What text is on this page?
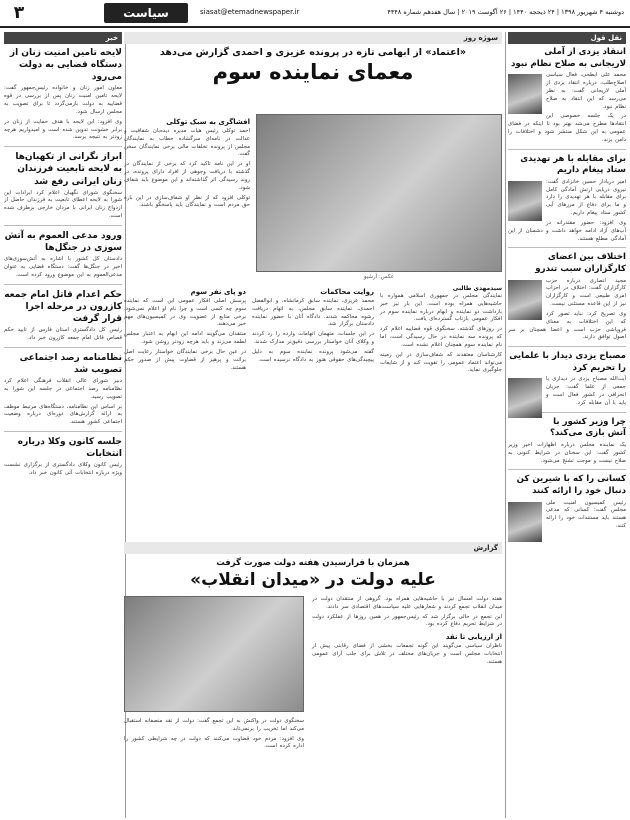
۳	سیاست	siasat@etemadnewspaper.ir	دوشنبه ۴ شهریور ۱۳۹۸ | ۲۴ ذیحجه ۱۴۴۰ | ۲۶ آگوست ۲۰۱۹ | سال هفدهم شماره ۴۴۴۸
نقل قول
انتقاد یزدی از آملی لاریجانی به صلاح نظام نبود

محمد علی ابطحی، فعال سیاسی اصلاح‌طلب، درباره انتقاد یزدی از آملی لاریجانی گفت: به نظر می‌رسد که این انتقاد به صلاح نظام نبود.

در یک جلسه خصوصی این انتقادها مطرح می‌شد بهتر بود تا اینکه در فضای عمومی به این شکل منتشر شود و اختلافات را دامن بزند.

برای مقابله با هر تهدیدی ستاد پیغام داریم

امیر دریادار حسین خانزادی گفت: نیروی دریایی ارتش آمادگی کامل برای مقابله با هر تهدیدی را دارد و ما برای دفاع از مرزهای آبی کشور ستاد پیغام داریم.

وی افزود: حضور مقتدرانه در آب‌های آزاد ادامه خواهد داشت و دشمنان از این آمادگی مطلع هستند.

اختلاف بین اعضای کارگزاران سبب تندرو

مجید انصاری درباره حزب کارگزاران گفت: اختلاف در احزاب امری طبیعی است و کارگزاران نیز از این قاعده مستثنی نیست.

وی تصریح کرد: نباید تصور کرد که این اختلافات به معنای فروپاشی حزب است و اعضا همچنان بر سر اصول توافق دارند.

مصباح یزدی دیدار با علمایی را تحریم کرد

آیت‌الله مصباح یزدی در دیداری با جمعی از علما گفت: جریان انحرافی در کشور فعال است و باید با آن مقابله کرد.

چرا وزیر کشور با آتش بازی می‌کند؟

یک نماینده مجلس درباره اظهارات اخیر وزیر کشور گفت: این سخنان در شرایط کنونی به صلاح نیست و موجب تشنج می‌شود.

کسانی را که با شیرین کن دنبال خود را ارائه کنند

رئیس کمیسیون امنیت ملی مجلس گفت: کسانی که مدعی هستند باید مستندات خود را ارائه کنند.

سوژه روز
«اعتماد» از ابهامی تازه در پرونده عزیزی و احمدی گزارش می‌دهد
معمای نماینده سوم
عکس: آرشیو
افشاگری به سبک توکلی

احمد توکلی رئیس هیات مدیره دیده‌بان شفافیت و عدالت در نامه‌ای سرگشاده خطاب به نمایندگان مجلس از پرونده تخلفات مالی برخی نمایندگان سخن گفت.

او در این نامه تاکید کرد که برخی از نمایندگان در گذشته با دریافت وجوهی از افراد دارای پرونده، در روند رسیدگی اثر گذاشته‌اند و این موضوع باید شفاف شود.

توکلی افزود که از نظر او شفاف‌سازی در این باره حق مردم است و نمایندگان باید پاسخگو باشند.

سیدمهدی طالبی

نمایندگی مجلس در جمهوری اسلامی همواره با حاشیه‌هایی همراه بوده است. این بار نیز خبر بازداشت دو نماینده و ابهام درباره نماینده سوم در افکار عمومی بازتاب گسترده‌ای یافت.

در روزهای گذشته، سخنگوی قوه قضاییه اعلام کرد که پرونده سه نماینده در حال رسیدگی است، اما نام نماینده سوم همچنان اعلام نشده است.

کارشناسان معتقدند که شفاف‌سازی در این زمینه می‌تواند اعتماد عمومی را تقویت کند و از شایعات جلوگیری نماید.

روایت محاکمات

محمد عزیزی، نماینده سابق کرمانشاه، و ابوالفضل احمدی، نماینده سابق مجلس، به اتهام دریافت رشوه محاکمه شدند. دادگاه آنان با حضور نماینده دادستان برگزار شد.

در این جلسات، متهمان اتهامات وارده را رد کردند و وکلای آنان خواستار بررسی دقیق‌تر مدارک شدند.

گفته می‌شود پرونده نماینده سوم به دلیل پیچیدگی‌های حقوقی هنوز به دادگاه نرسیده است.

دو پای نفر سوم

پرسش اصلی افکار عمومی این است که نماینده سوم چه کسی است و چرا نام او اعلام نمی‌شود. برخی منابع از عضویت وی در کمیسیون‌های مهم خبر می‌دهند.

منتقدان می‌گویند ادامه این ابهام به اعتبار مجلس لطمه می‌زند و باید هرچه زودتر روشن شود.

در عین حال برخی نمایندگان خواستار رعایت اصل برائت و پرهیز از قضاوت پیش از صدور حکم هستند.

گزارش
همزمان با فرارسیدن هفته دولت صورت گرفت
علیه دولت در «میدان انقلاب»

هفته دولت امسال نیز با حاشیه‌هایی همراه بود. گروهی از منتقدان دولت در میدان انقلاب تجمع کردند و شعارهایی علیه سیاست‌های اقتصادی سر دادند.

این تجمع در حالی برگزار شد که رئیس‌جمهور در همین روزها از عملکرد دولت در شرایط تحریم دفاع کرده بود.

از ارزیابی تا نقد

ناظران سیاسی می‌گویند این گونه تجمعات بخشی از فضای رقابتی پیش از انتخابات مجلس است و جریان‌های مختلف در تلاش برای جلب آرای عمومی هستند.

سخنگوی دولت در واکنش به این تجمع گفت: دولت از نقد منصفانه استقبال می‌کند اما تخریب را برنمی‌تابد.

وی افزود: مردم خود قضاوت می‌کنند که دولت در چه شرایطی کشور را اداره کرده است.

خبر
لایحه تامین امنیت زنان از دستگاه قضایی به دولت می‌رود

معاون امور زنان و خانواده رئیس‌جمهور گفت: لایحه تامین امنیت زنان پس از بررسی در قوه قضاییه به دولت بازمی‌گردد تا برای تصویب به مجلس ارسال شود.

وی افزود: این لایحه با هدف حمایت از زنان در برابر خشونت تدوین شده است و امیدواریم هرچه زودتر به نتیجه برسد.

ابراز نگرانی از تکهبان‌ها به لایحه تابعیت فرزندان زنان ایرانی رفع شد

سخنگوی شورای نگهبان اعلام کرد ایرادات این شورا به لایحه اعطای تابعیت به فرزندان حاصل از ازدواج زنان ایرانی با مردان خارجی برطرف شده است.

ورود مدعی العموم به آتش سوزی در جنگل‌ها

دادستان کل کشور با اشاره به آتش‌سوزی‌های اخیر در جنگل‌ها گفت: دستگاه قضایی به عنوان مدعی‌العموم به این موضوع ورود کرده است.

حکم اعدام قاتل امام جمعه کازرون در مرحله اجرا قرار گرفت

رئیس کل دادگستری استان فارس از تایید حکم قصاص قاتل امام جمعه کازرون خبر داد.

نظامنامه رصد اجتماعی تصویب شد

دبیر شورای عالی انقلاب فرهنگی اعلام کرد نظامنامه رصد اجتماعی در جلسه این شورا به تصویب رسید.

بر اساس این نظامنامه، دستگاه‌های مرتبط موظف به ارائه گزارش‌های دوره‌ای درباره وضعیت اجتماعی کشور هستند.

جلسه کانون وکلا درباره انتخابات

رئیس کانون وکلای دادگستری از برگزاری نشست ویژه درباره انتخابات آتی کانون خبر داد.
